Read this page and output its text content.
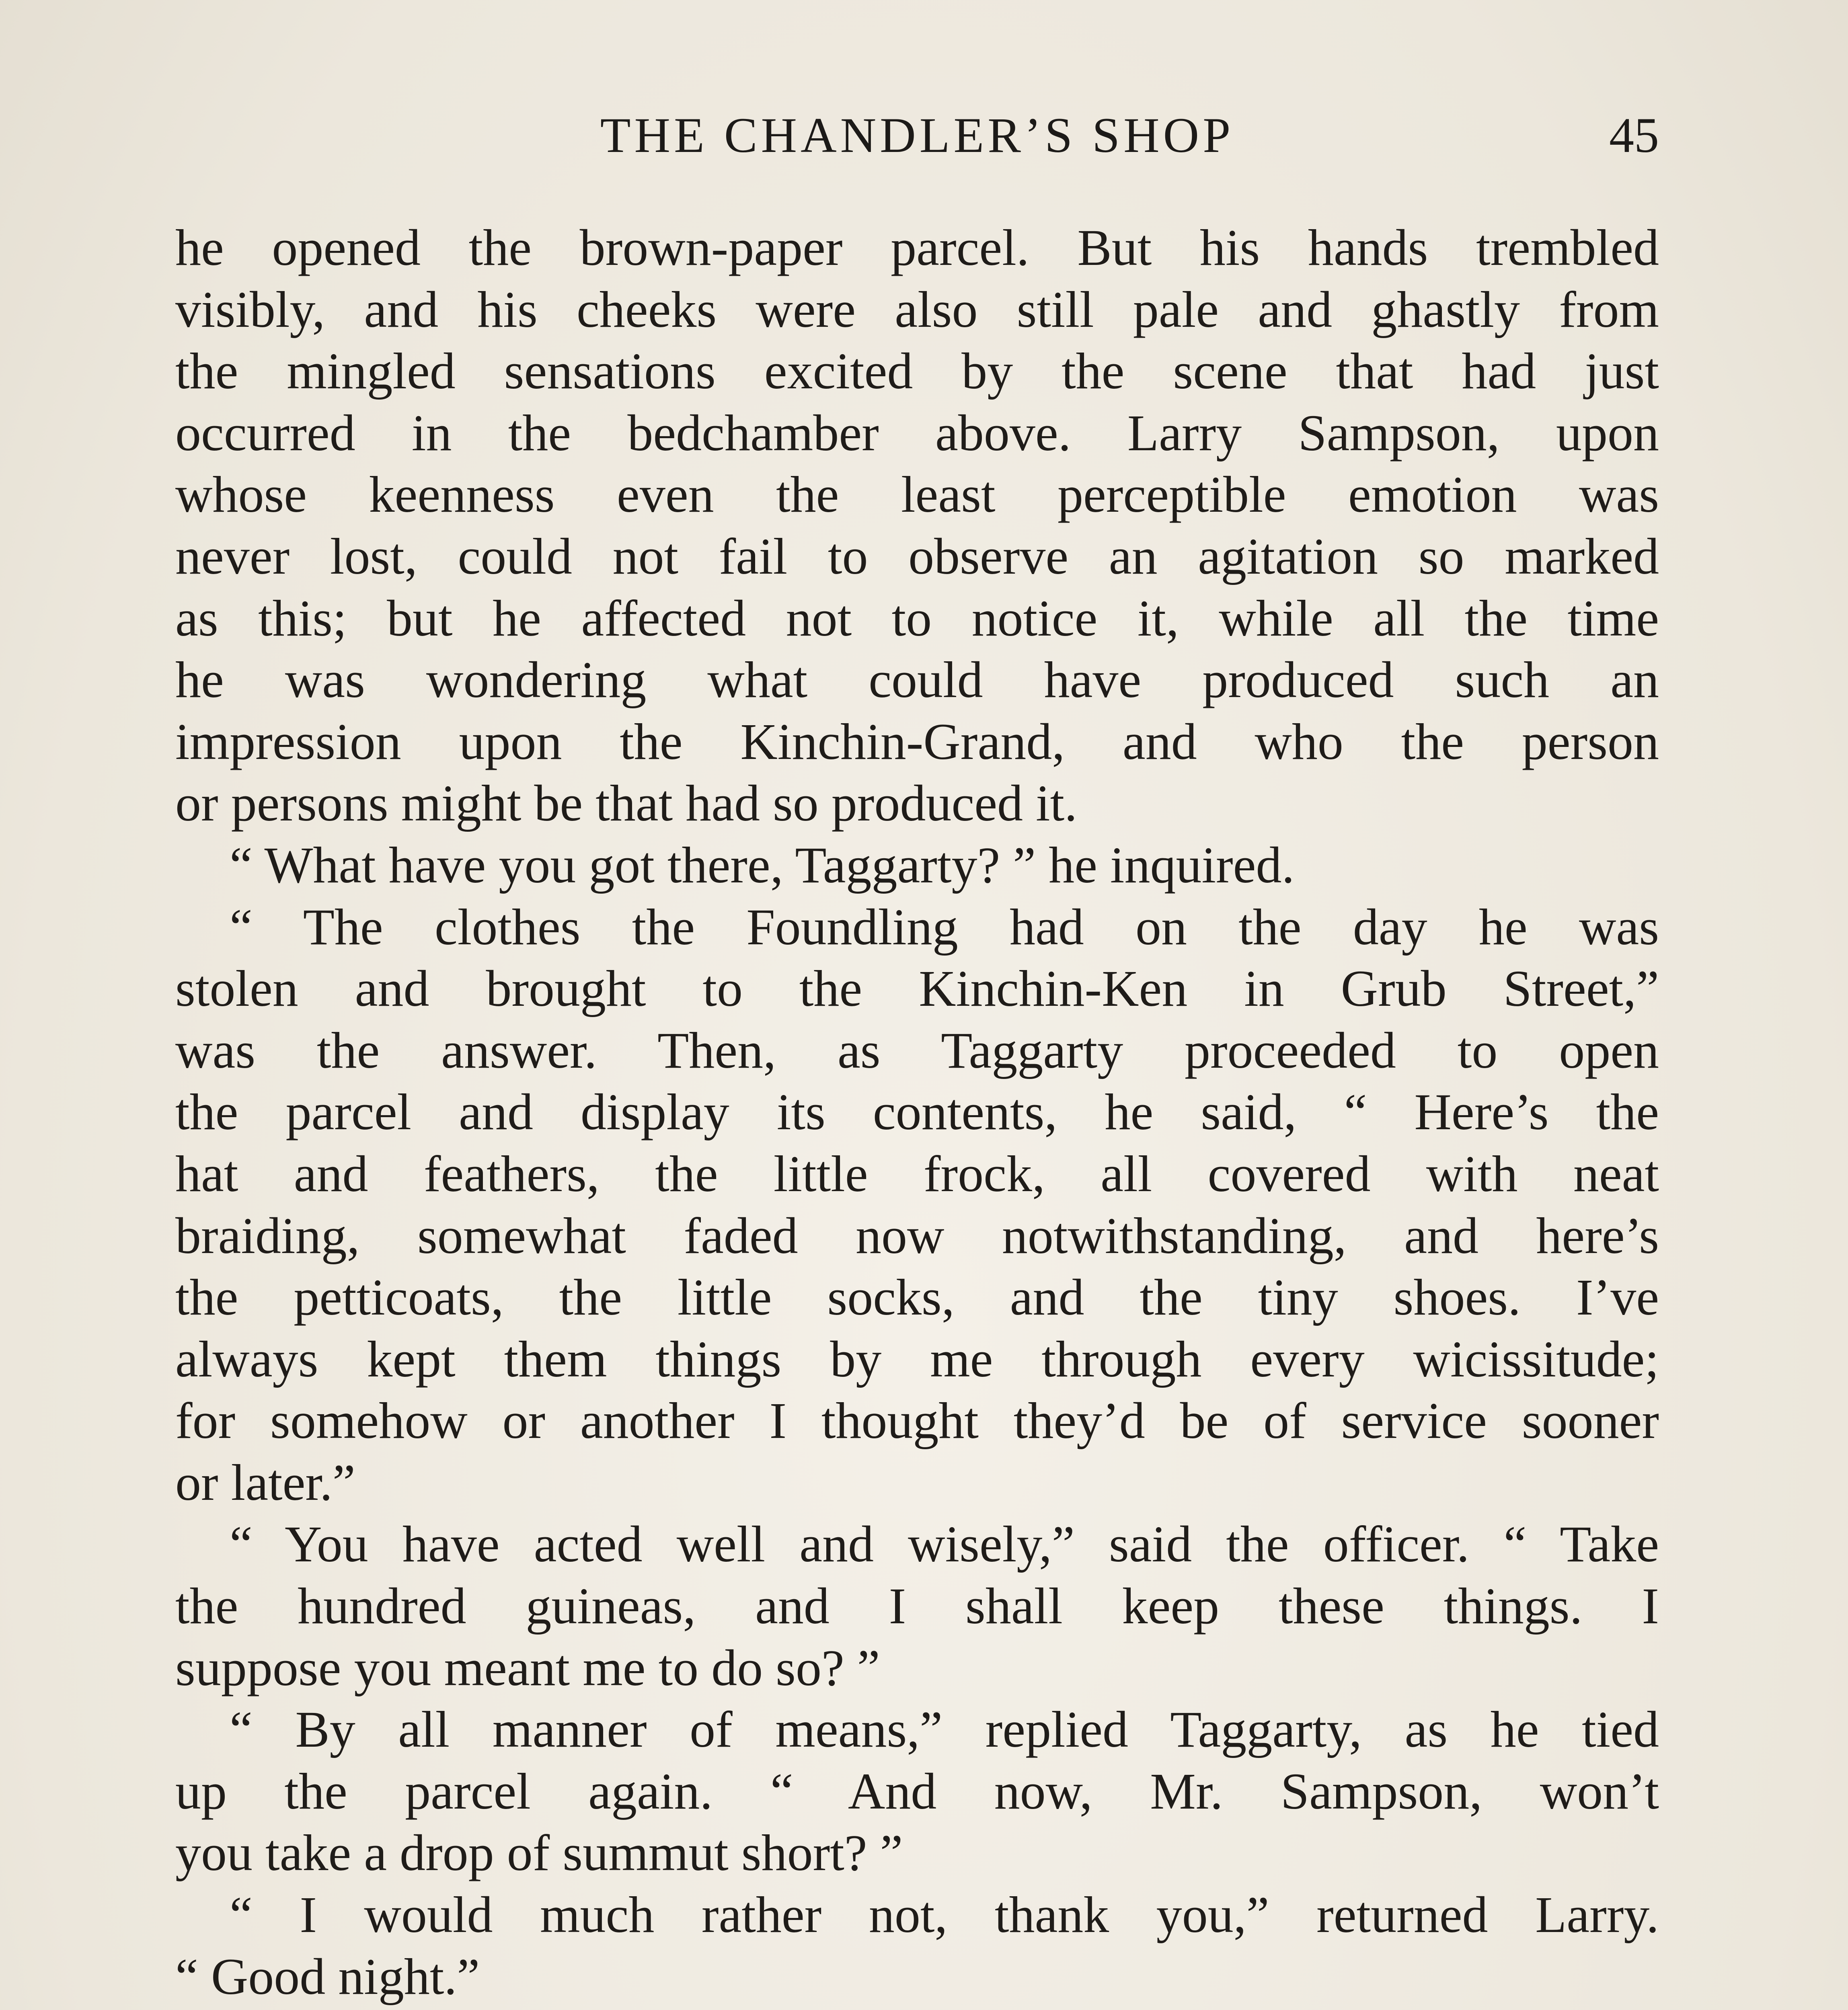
THE CHANDLER’S SHOP	45
he opened the brown-paper parcel. But his hands trembled
visibly, and his cheeks were also still pale and ghastly from
the mingled sensations excited by the scene that had just
occurred in the bedchamber above. Larry Sampson, upon
whose keenness even the least perceptible emotion was
never lost, could not fail to observe an agitation so marked
as this; but he affected not to notice it, while all the time
he was wondering what could have produced such an
impression upon the Kinchin-Grand, and who the person
or persons might be that had so produced it.
“ What have you got there, Taggarty? ” he inquired.
“ The clothes the Foundling had on the day he was
stolen and brought to the Kinchin-Ken in Grub Street,”
was the answer. Then, as Taggarty proceeded to open
the parcel and display its contents, he said, “ Here’s the
hat and feathers, the little frock, all covered with neat
braiding, somewhat faded now notwithstanding, and here’s
the petticoats, the little socks, and the tiny shoes. I’ve
always kept them things by me through every wicissitude;
for somehow or another I thought they’d be of service sooner
or later.”
“ You have acted well and wisely,” said the officer. “ Take
the hundred guineas, and I shall keep these things. I
suppose you meant me to do so? ”
“ By all manner of means,” replied Taggarty, as he tied
up the parcel again. “ And now, Mr. Sampson, won’t
you take a drop of summut short? ”
“ I would much rather not, thank you,” returned Larry.
“ Good night.”
